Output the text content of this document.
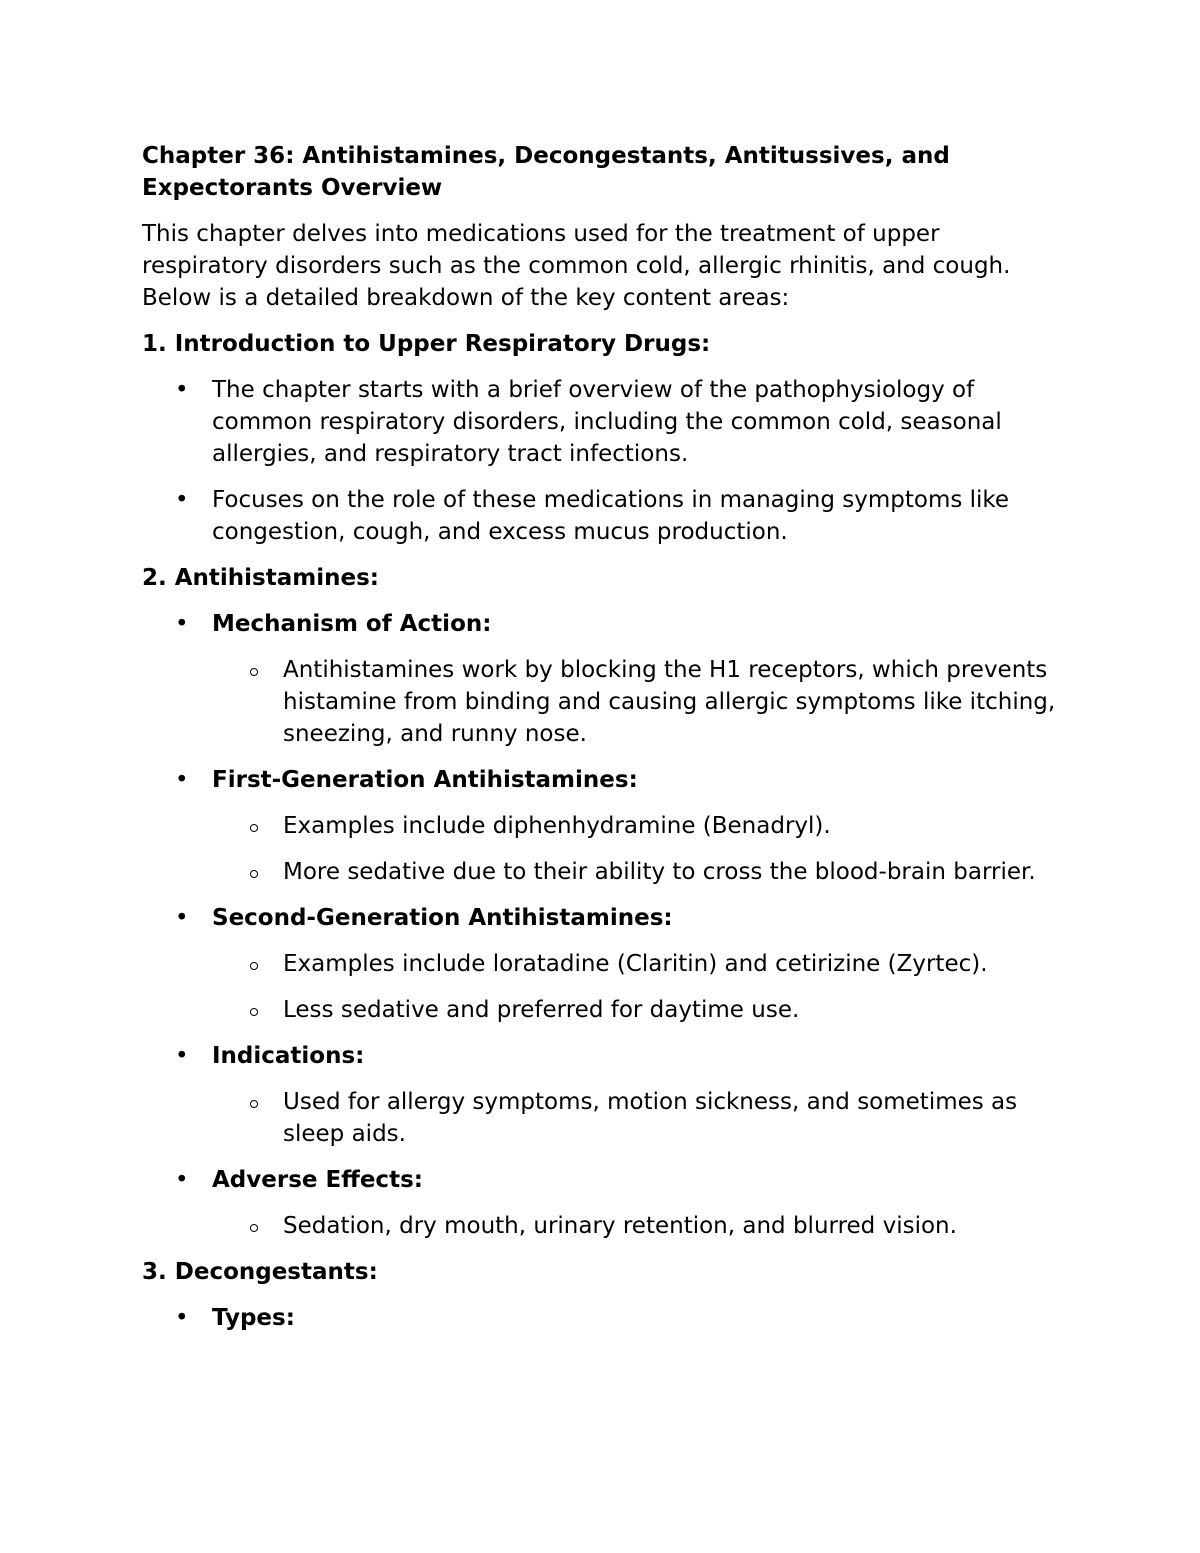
Chapter 36: Antihistamines, Decongestants, Antitussives, and Expectorants Overview
This chapter delves into medications used for the treatment of upper respiratory disorders such as the common cold, allergic rhinitis, and cough. Below is a detailed breakdown of the key content areas:
1. Introduction to Upper Respiratory Drugs:
• The chapter starts with a brief overview of the pathophysiology of common respiratory disorders, including the common cold, seasonal allergies, and respiratory tract infections.
• Focuses on the role of these medications in managing symptoms like congestion, cough, and excess mucus production.
2. Antihistamines:
• Mechanism of Action:
Antihistamines work by blocking the H1 receptors, which prevents histamine from binding and causing allergic symptoms like itching, sneezing, and runny nose.
• First-Generation Antihistamines:
Examples include diphenhydramine (Benadryl).
More sedative due to their ability to cross the blood-brain barrier.
• Second-Generation Antihistamines:
Examples include loratadine (Claritin) and cetirizine (Zyrtec).
Less sedative and preferred for daytime use.
• Indications:
Used for allergy symptoms, motion sickness, and sometimes as sleep aids.
• Adverse Effects:
Sedation, dry mouth, urinary retention, and blurred vision.
3. Decongestants:
• Types:
